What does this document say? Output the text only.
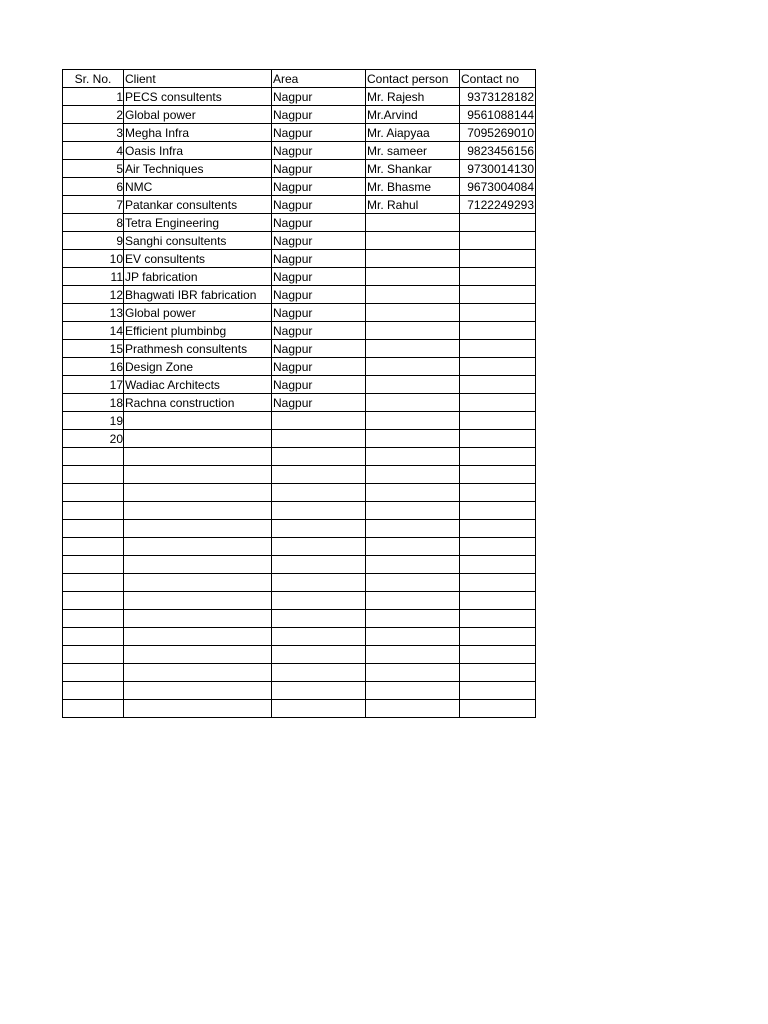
Sr. No.	Client	Area	Contact person	Contact no
1	PECS consultents	Nagpur	Mr. Rajesh	9373128182
2	Global power	Nagpur	Mr.Arvind	9561088144
3	Megha Infra	Nagpur	Mr. Aiapyaa	7095269010
4	Oasis Infra	Nagpur	Mr. sameer	9823456156
5	Air Techniques	Nagpur	Mr. Shankar	9730014130
6	NMC	Nagpur	Mr. Bhasme	9673004084
7	Patankar consultents	Nagpur	Mr. Rahul	7122249293
8	Tetra Engineering	Nagpur		
9	Sanghi consultents	Nagpur		
10	EV consultents	Nagpur		
11	JP fabrication	Nagpur		
12	Bhagwati IBR fabrication	Nagpur		
13	Global power	Nagpur		
14	Efficient plumbinbg	Nagpur		
15	Prathmesh consultents	Nagpur		
16	Design Zone	Nagpur		
17	Wadiac Architects	Nagpur		
18	Rachna construction	Nagpur		
19				
20				
